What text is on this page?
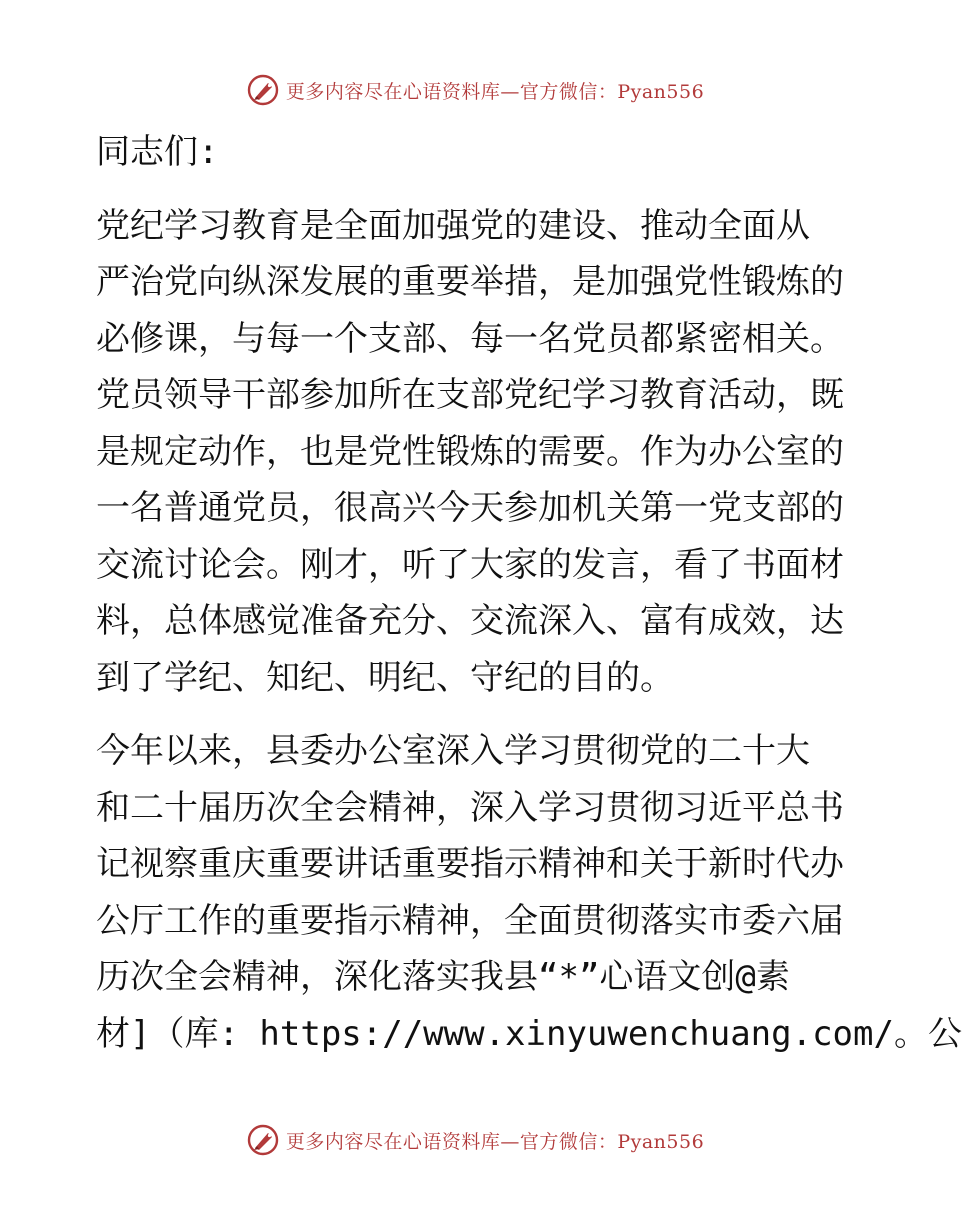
更多内容尽在心语资料库—官方微信：Pyan556
同志们:
党纪学习教育是全面加强党的建设、推动全面从
严治党向纵深发展的重要举措，是加强党性锻炼的
必修课，与每一个支部、每一名党员都紧密相关。
党员领导干部参加所在支部党纪学习教育活动，既
是规定动作，也是党性锻炼的需要。作为办公室的
一名普通党员，很高兴今天参加机关第一党支部的
交流讨论会。刚才，听了大家的发言，看了书面材
料，总体感觉准备充分、交流深入、富有成效，达
到了学纪、知纪、明纪、守纪的目的。
今年以来，县委办公室深入学习贯彻党的二十大
和二十届历次全会精神，深入学习贯彻习近平总书
记视察重庆重要讲话重要指示精神和关于新时代办
公厅工作的重要指示精神，全面贯彻落实市委六届
历次全会精神，深化落实我县“*”心语文创@素
材]（库: https://www.xinyuwenchuang.com/。公
更多内容尽在心语资料库—官方微信：Pyan556
